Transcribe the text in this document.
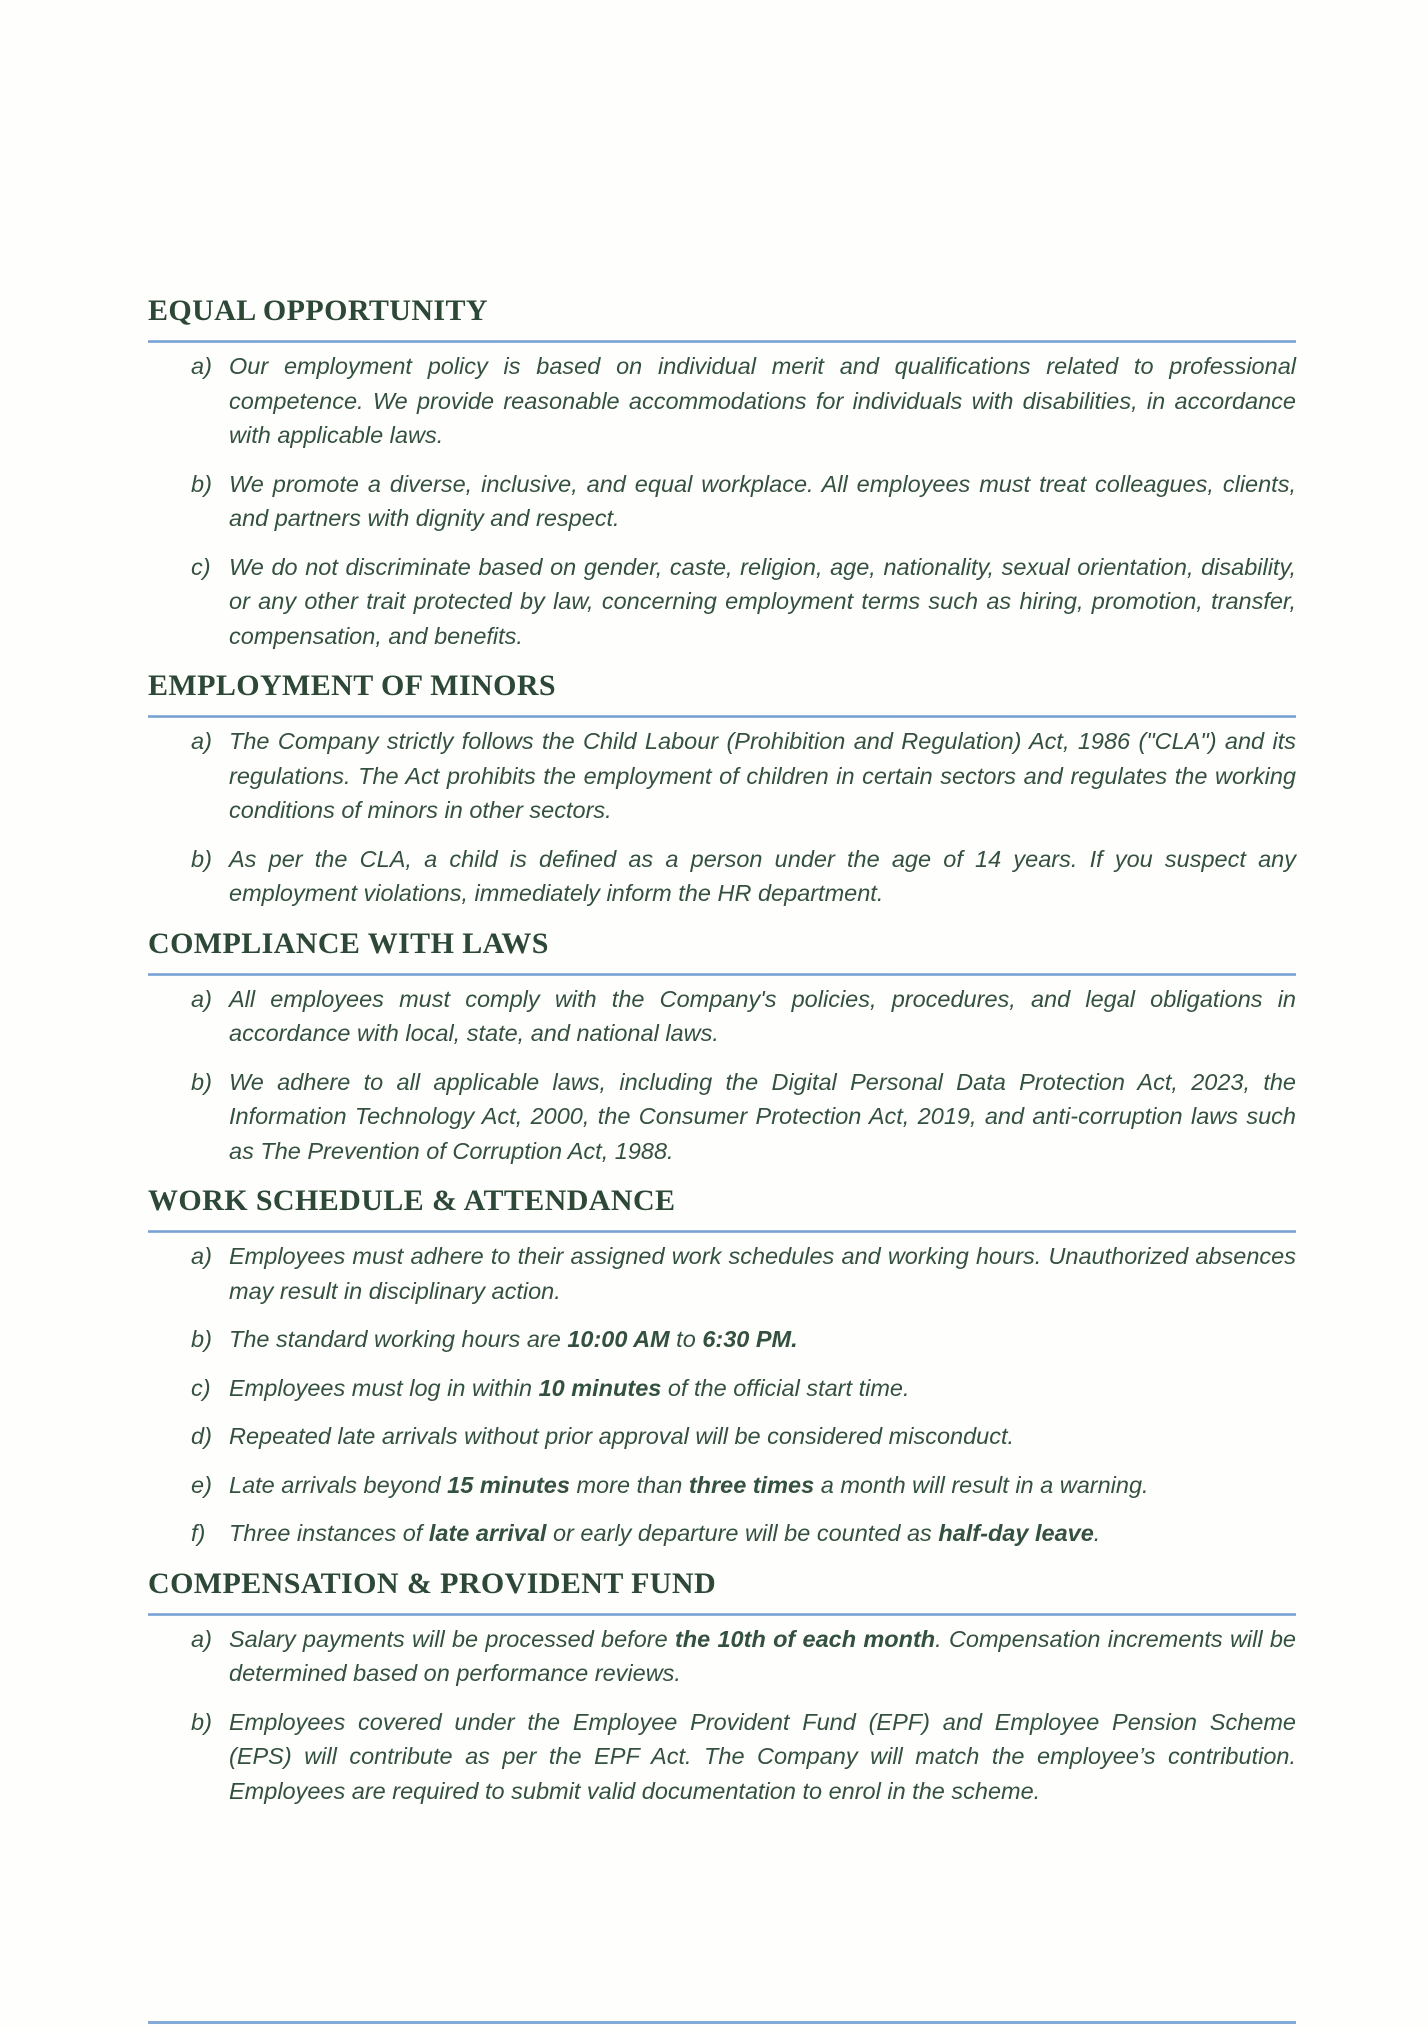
EQUAL OPPORTUNITY
a) Our employment policy is based on individual merit and qualifications related to professional competence. We provide reasonable accommodations for individuals with disabilities, in accordance with applicable laws.
b) We promote a diverse, inclusive, and equal workplace. All employees must treat colleagues, clients, and partners with dignity and respect.
c) We do not discriminate based on gender, caste, religion, age, nationality, sexual orientation, disability, or any other trait protected by law, concerning employment terms such as hiring, promotion, transfer, compensation, and benefits.
EMPLOYMENT OF MINORS
a) The Company strictly follows the Child Labour (Prohibition and Regulation) Act, 1986 ("CLA") and its regulations. The Act prohibits the employment of children in certain sectors and regulates the working conditions of minors in other sectors.
b) As per the CLA, a child is defined as a person under the age of 14 years. If you suspect any employment violations, immediately inform the HR department.
COMPLIANCE WITH LAWS
a) All employees must comply with the Company's policies, procedures, and legal obligations in accordance with local, state, and national laws.
b) We adhere to all applicable laws, including the Digital Personal Data Protection Act, 2023, the Information Technology Act, 2000, the Consumer Protection Act, 2019, and anti-corruption laws such as The Prevention of Corruption Act, 1988.
WORK SCHEDULE & ATTENDANCE
a) Employees must adhere to their assigned work schedules and working hours. Unauthorized absences may result in disciplinary action.
b) The standard working hours are 10:00 AM to 6:30 PM.
c) Employees must log in within 10 minutes of the official start time.
d) Repeated late arrivals without prior approval will be considered misconduct.
e) Late arrivals beyond 15 minutes more than three times a month will result in a warning.
f)	Three instances of late arrival or early departure will be counted as half-day leave.
COMPENSATION & PROVIDENT FUND
a) Salary payments will be processed before the 10th of each month. Compensation increments will be determined based on performance reviews.
b) Employees covered under the Employee Provident Fund (EPF) and Employee Pension Scheme (EPS) will contribute as per the EPF Act. The Company will match the employee’s contribution. Employees are required to submit valid documentation to enrol in the scheme.
